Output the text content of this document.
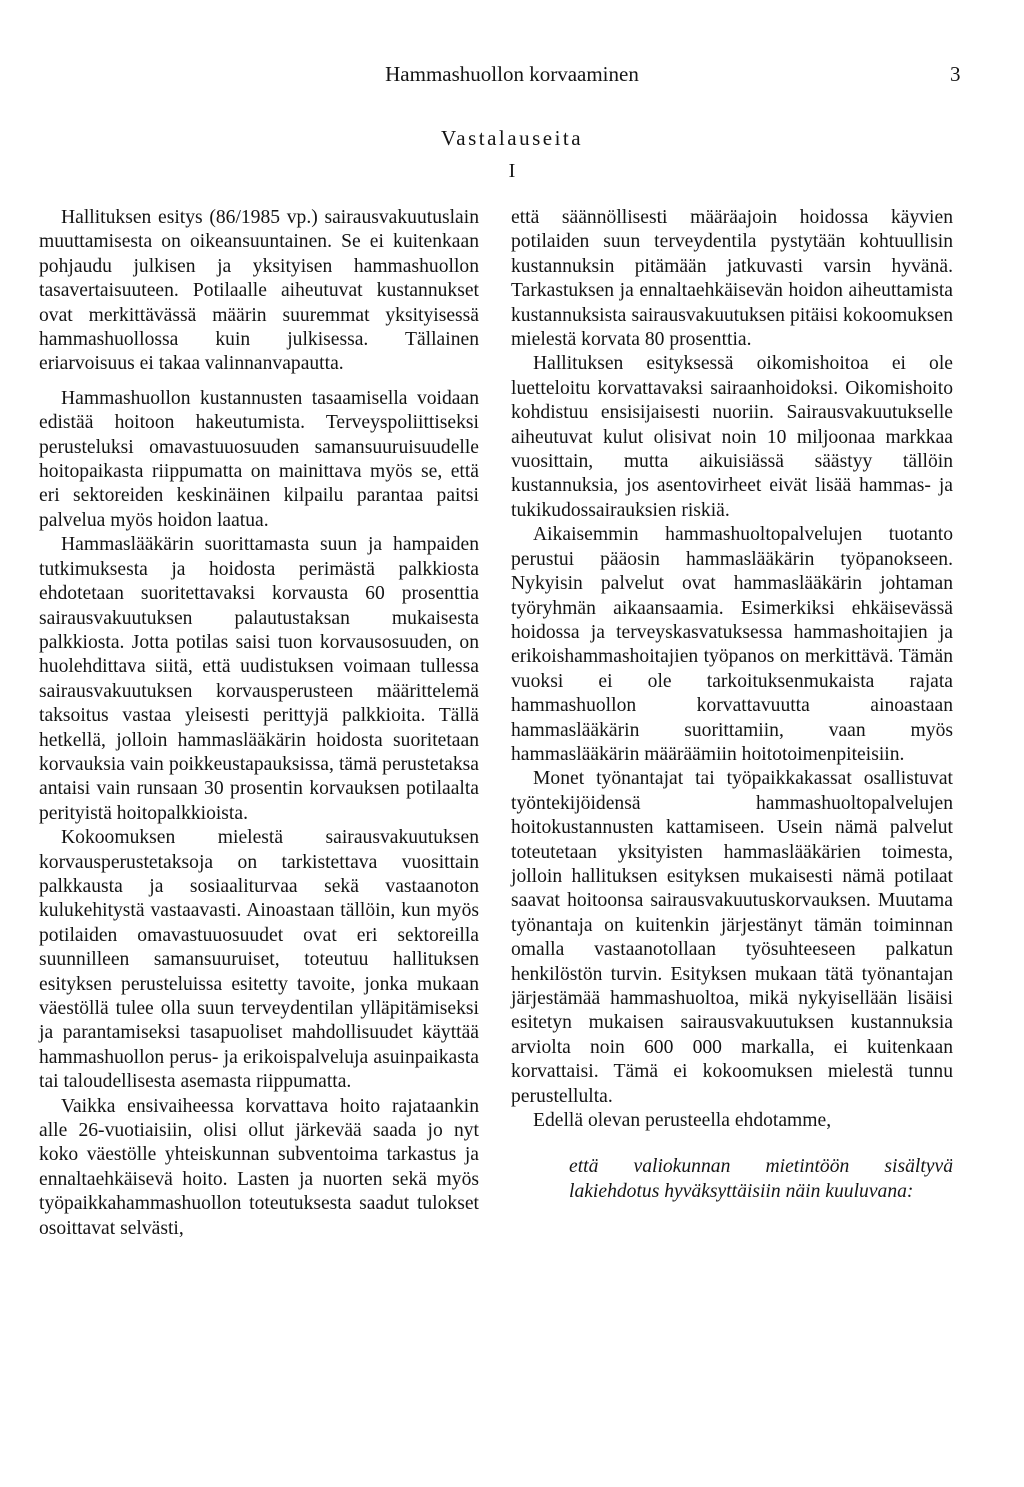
Hammashuollon korvaaminen	3
Vastalauseita
I

Hallituksen esitys (86/1985 vp.) sairausvakuutuslain muuttamisesta on oikeansuuntainen. Se ei kuitenkaan pohjaudu julkisen ja yksityisen hammashuollon tasavertaisuuteen. Potilaalle aiheutuvat kustannukset ovat merkittävässä määrin suuremmat yksityisessä hammashuollossa kuin julkisessa. Tällainen eriarvoisuus ei takaa valinnanvapautta.

Hammashuollon kustannusten tasaamisella voidaan edistää hoitoon hakeutumista. Terveyspoliittiseksi perusteluksi omavastuuosuuden samansuuruisuudelle hoitopaikasta riippumatta on mainittava myös se, että eri sektoreiden keskinäinen kilpailu parantaa paitsi palvelua myös hoidon laatua.

Hammaslääkärin suorittamasta suun ja hampaiden tutkimuksesta ja hoidosta perimästä palkkiosta ehdotetaan suoritettavaksi korvausta 60 prosenttia sairausvakuutuksen palautustaksan mukaisesta palkkiosta. Jotta potilas saisi tuon korvausosuuden, on huolehdittava siitä, että uudistuksen voimaan tullessa sairausvakuutuksen korvausperusteen määrittelemä taksoitus vastaa yleisesti perittyjä palkkioita. Tällä hetkellä, jolloin hammaslääkärin hoidosta suoritetaan korvauksia vain poikkeustapauksissa, tämä perustetaksa antaisi vain runsaan 30 prosentin korvauksen potilaalta perityistä hoitopalkkioista.

Kokoomuksen mielestä sairausvakuutuksen korvausperustetaksoja on tarkistettava vuosittain palkkausta ja sosiaaliturvaa sekä vastaanoton kulukehitystä vastaavasti. Ainoastaan tällöin, kun myös potilaiden omavastuuosuudet ovat eri sektoreilla suunnilleen samansuuruiset, toteutuu hallituksen esityksen perusteluissa esitetty tavoite, jonka mukaan väestöllä tulee olla suun terveydentilan ylläpitämiseksi ja parantamiseksi tasapuoliset mahdollisuudet käyttää hammashuollon perus- ja erikoispalveluja asuinpaikasta tai taloudellisesta asemasta riippumatta.

Vaikka ensivaiheessa korvattava hoito rajataankin alle 26-vuotiaisiin, olisi ollut järkevää saada jo nyt koko väestölle yhteiskunnan subventoima tarkastus ja ennaltaehkäisevä hoito. Lasten ja nuorten sekä myös työpaikkahammashuollon toteutuksesta saadut tulokset osoittavat selvästi,

että säännöllisesti määräajoin hoidossa käyvien potilaiden suun terveydentila pystytään kohtuullisin kustannuksin pitämään jatkuvasti varsin hyvänä. Tarkastuksen ja ennaltaehkäisevän hoidon aiheuttamista kustannuksista sairausvakuutuksen pitäisi kokoomuksen mielestä korvata 80 prosenttia.

Hallituksen esityksessä oikomishoitoa ei ole luetteloitu korvattavaksi sairaanhoidoksi. Oikomishoito kohdistuu ensisijaisesti nuoriin. Sairausvakuutukselle aiheutuvat kulut olisivat noin 10 miljoonaa markkaa vuosittain, mutta aikuisiässä säästyy tällöin kustannuksia, jos asentovirheet eivät lisää hammas- ja tukikudossairauksien riskiä.

Aikaisemmin hammashuoltopalvelujen tuotanto perustui pääosin hammaslääkärin työpanokseen. Nykyisin palvelut ovat hammaslääkärin johtaman työryhmän aikaansaamia. Esimerkiksi ehkäisevässä hoidossa ja terveyskasvatuksessa hammashoitajien ja erikoishammashoitajien työpanos on merkittävä. Tämän vuoksi ei ole tarkoituksenmukaista rajata hammashuollon korvattavuutta ainoastaan hammaslääkärin suorittamiin, vaan myös hammaslääkärin määräämiin hoitotoimenpiteisiin.

Monet työnantajat tai työpaikkakassat osallistuvat työntekijöidensä hammashuoltopalvelujen hoitokustannusten kattamiseen. Usein nämä palvelut toteutetaan yksityisten hammaslääkärien toimesta, jolloin hallituksen esityksen mukaisesti nämä potilaat saavat hoitoonsa sairausvakuutuskorvauksen. Muutama työnantaja on kuitenkin järjestänyt tämän toiminnan omalla vastaanotollaan työsuhteeseen palkatun henkilöstön turvin. Esityksen mukaan tätä työnantajan järjestämää hammashuoltoa, mikä nykyisellään lisäisi esitetyn mukaisen sairausvakuutuksen kustannuksia arviolta noin 600 000 markalla, ei kuitenkaan korvattaisi. Tämä ei kokoomuksen mielestä tunnu perustellulta.

Edellä olevan perusteella ehdotamme,

että valiokunnan mietintöön sisältyvä lakiehdotus hyväksyttäisiin näin kuuluvana:
